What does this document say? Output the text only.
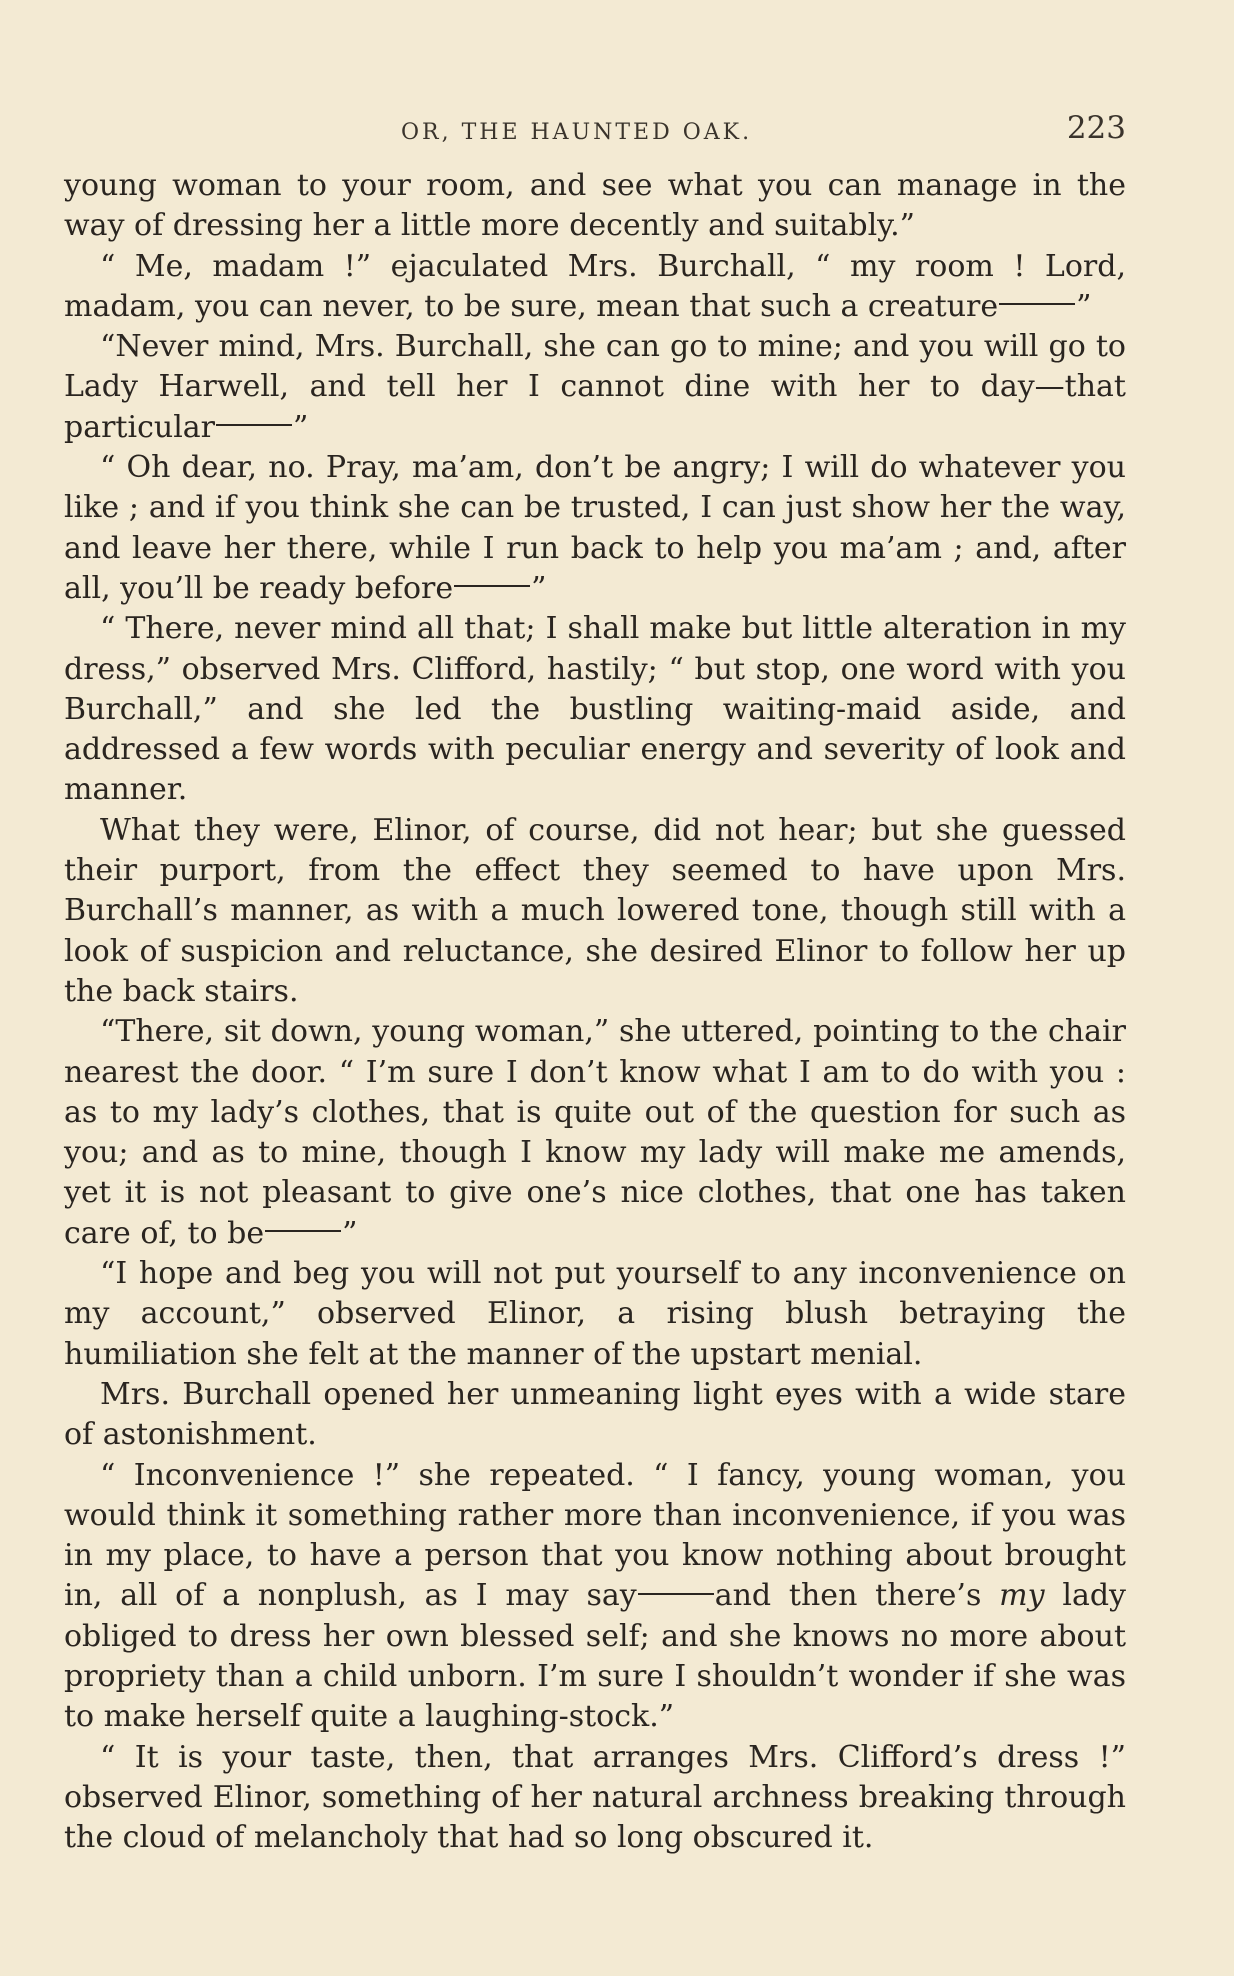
OR, THE HAUNTED OAK.	223

young woman to your room, and see what you can manage in the way of dressing her a little more decently and suitably.”

“ Me, madam !” ejaculated Mrs. Burchall, “ my room ! Lord, madam, you can never, to be sure, mean that such a creature	”

“Never mind, Mrs. Burchall, she can go to mine; and you will go to Lady Harwell, and tell her I cannot dine with her to day—that particular	”

“ Oh dear, no. Pray, ma’am, don’t be angry; I will do whatever you like ; and if you think she can be trusted, I can just show her the way, and leave her there, while I run back to help you ma’am ; and, after all, you’ll be ready before	”

“ There, never mind all that; I shall make but little alteration in my dress,” observed Mrs. Clifford, hastily; “ but stop, one word with you Burchall,” and she led the bustling waiting-maid aside, and addressed a few words with peculiar energy and severity of look and manner.

What they were, Elinor, of course, did not hear; but she guessed their purport, from the effect they seemed to have upon Mrs. Burchall’s manner, as with a much lowered tone, though still with a look of suspicion and reluctance, she desired Elinor to follow her up the back stairs.

“There, sit down, young woman,” she uttered, pointing to the chair nearest the door. “ I’m sure I don’t know what I am to do with you : as to my lady’s clothes, that is quite out of the question for such as you; and as to mine, though I know my lady will make me amends, yet it is not pleasant to give one’s nice clothes, that one has taken care of, to be	”

“I hope and beg you will not put yourself to any inconvenience on my account,” observed Elinor, a rising blush betraying the humiliation she felt at the manner of the upstart menial.

Mrs. Burchall opened her unmeaning light eyes with a wide stare of astonishment.

“ Inconvenience !” she repeated. “ I fancy, young woman, you would think it something rather more than inconvenience, if you was in my place, to have a person that you know nothing about brought in, all of a nonplush, as I may say	and then there’s my lady obliged to dress her own blessed self; and she knows no more about propriety than a child unborn. I’m sure I shouldn’t wonder if she was to make herself quite a laughing-stock.”

“ It is your taste, then, that arranges Mrs. Clifford’s dress !” observed Elinor, something of her natural archness breaking through the cloud of melancholy that had so long obscured it.
